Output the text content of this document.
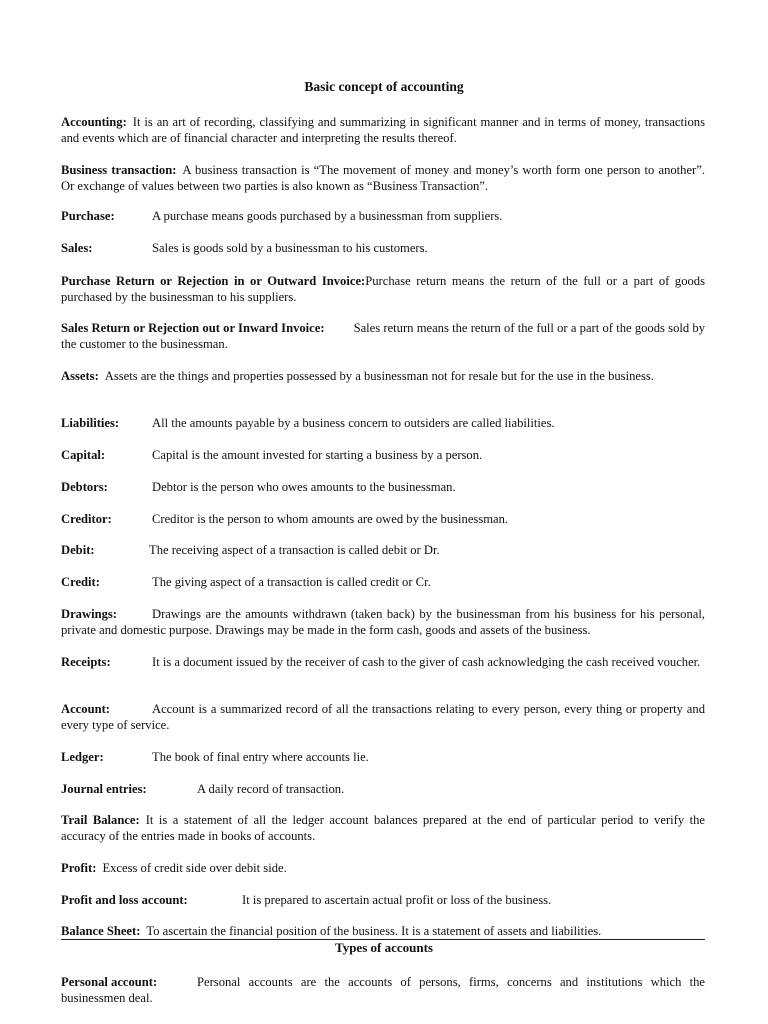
Basic concept of accounting
Accounting: It is an art of recording, classifying and summarizing in significant manner and in terms of money, transactions and events which are of financial character and interpreting the results thereof.
Business transaction: A business transaction is “The movement of money and money’s worth form one person to another”. Or exchange of values between two parties is also known as “Business Transaction”.
Purchase:	A purchase means goods purchased by a businessman from suppliers.
Sales:	Sales is goods sold by a businessman to his customers.
Purchase Return or Rejection in or Outward Invoice:Purchase return means the return of the full or a part of goods purchased by the businessman to his suppliers.
Sales Return or Rejection out or Inward Invoice: Sales return means the return of the full or a part of the goods sold by the customer to the businessman.
Assets: Assets are the things and properties possessed by a businessman not for resale but for the use in the business.
Liabilities:	All the amounts payable by a business concern to outsiders are called liabilities.
Capital:	Capital is the amount invested for starting a business by a person.
Debtors:	Debtor is the person who owes amounts to the businessman.
Creditor:	Creditor is the person to whom amounts are owed by the businessman.
Debit:	The receiving aspect of a transaction is called debit or Dr.
Credit:	The giving aspect of a transaction is called credit or Cr.
Drawings:	Drawings are the amounts withdrawn (taken back) by the businessman from his business for his personal, private and domestic purpose. Drawings may be made in the form cash, goods and assets of the business.
Receipts:	It is a document issued by the receiver of cash to the giver of cash acknowledging the cash received voucher.
Account:	Account is a summarized record of all the transactions relating to every person, every thing or property and every type of service.
Ledger:	The book of final entry where accounts lie.
Journal entries:	A daily record of transaction.
Trail Balance: It is a statement of all the ledger account balances prepared at the end of particular period to verify the accuracy of the entries made in books of accounts.
Profit: Excess of credit side over debit side.
Profit and loss account:	It is prepared to ascertain actual profit or loss of the business.
Balance Sheet: To ascertain the financial position of the business. It is a statement of assets and liabilities.
Types of accounts
Personal account:	Personal accounts are the accounts of persons, firms, concerns and institutions which the businessmen deal.
